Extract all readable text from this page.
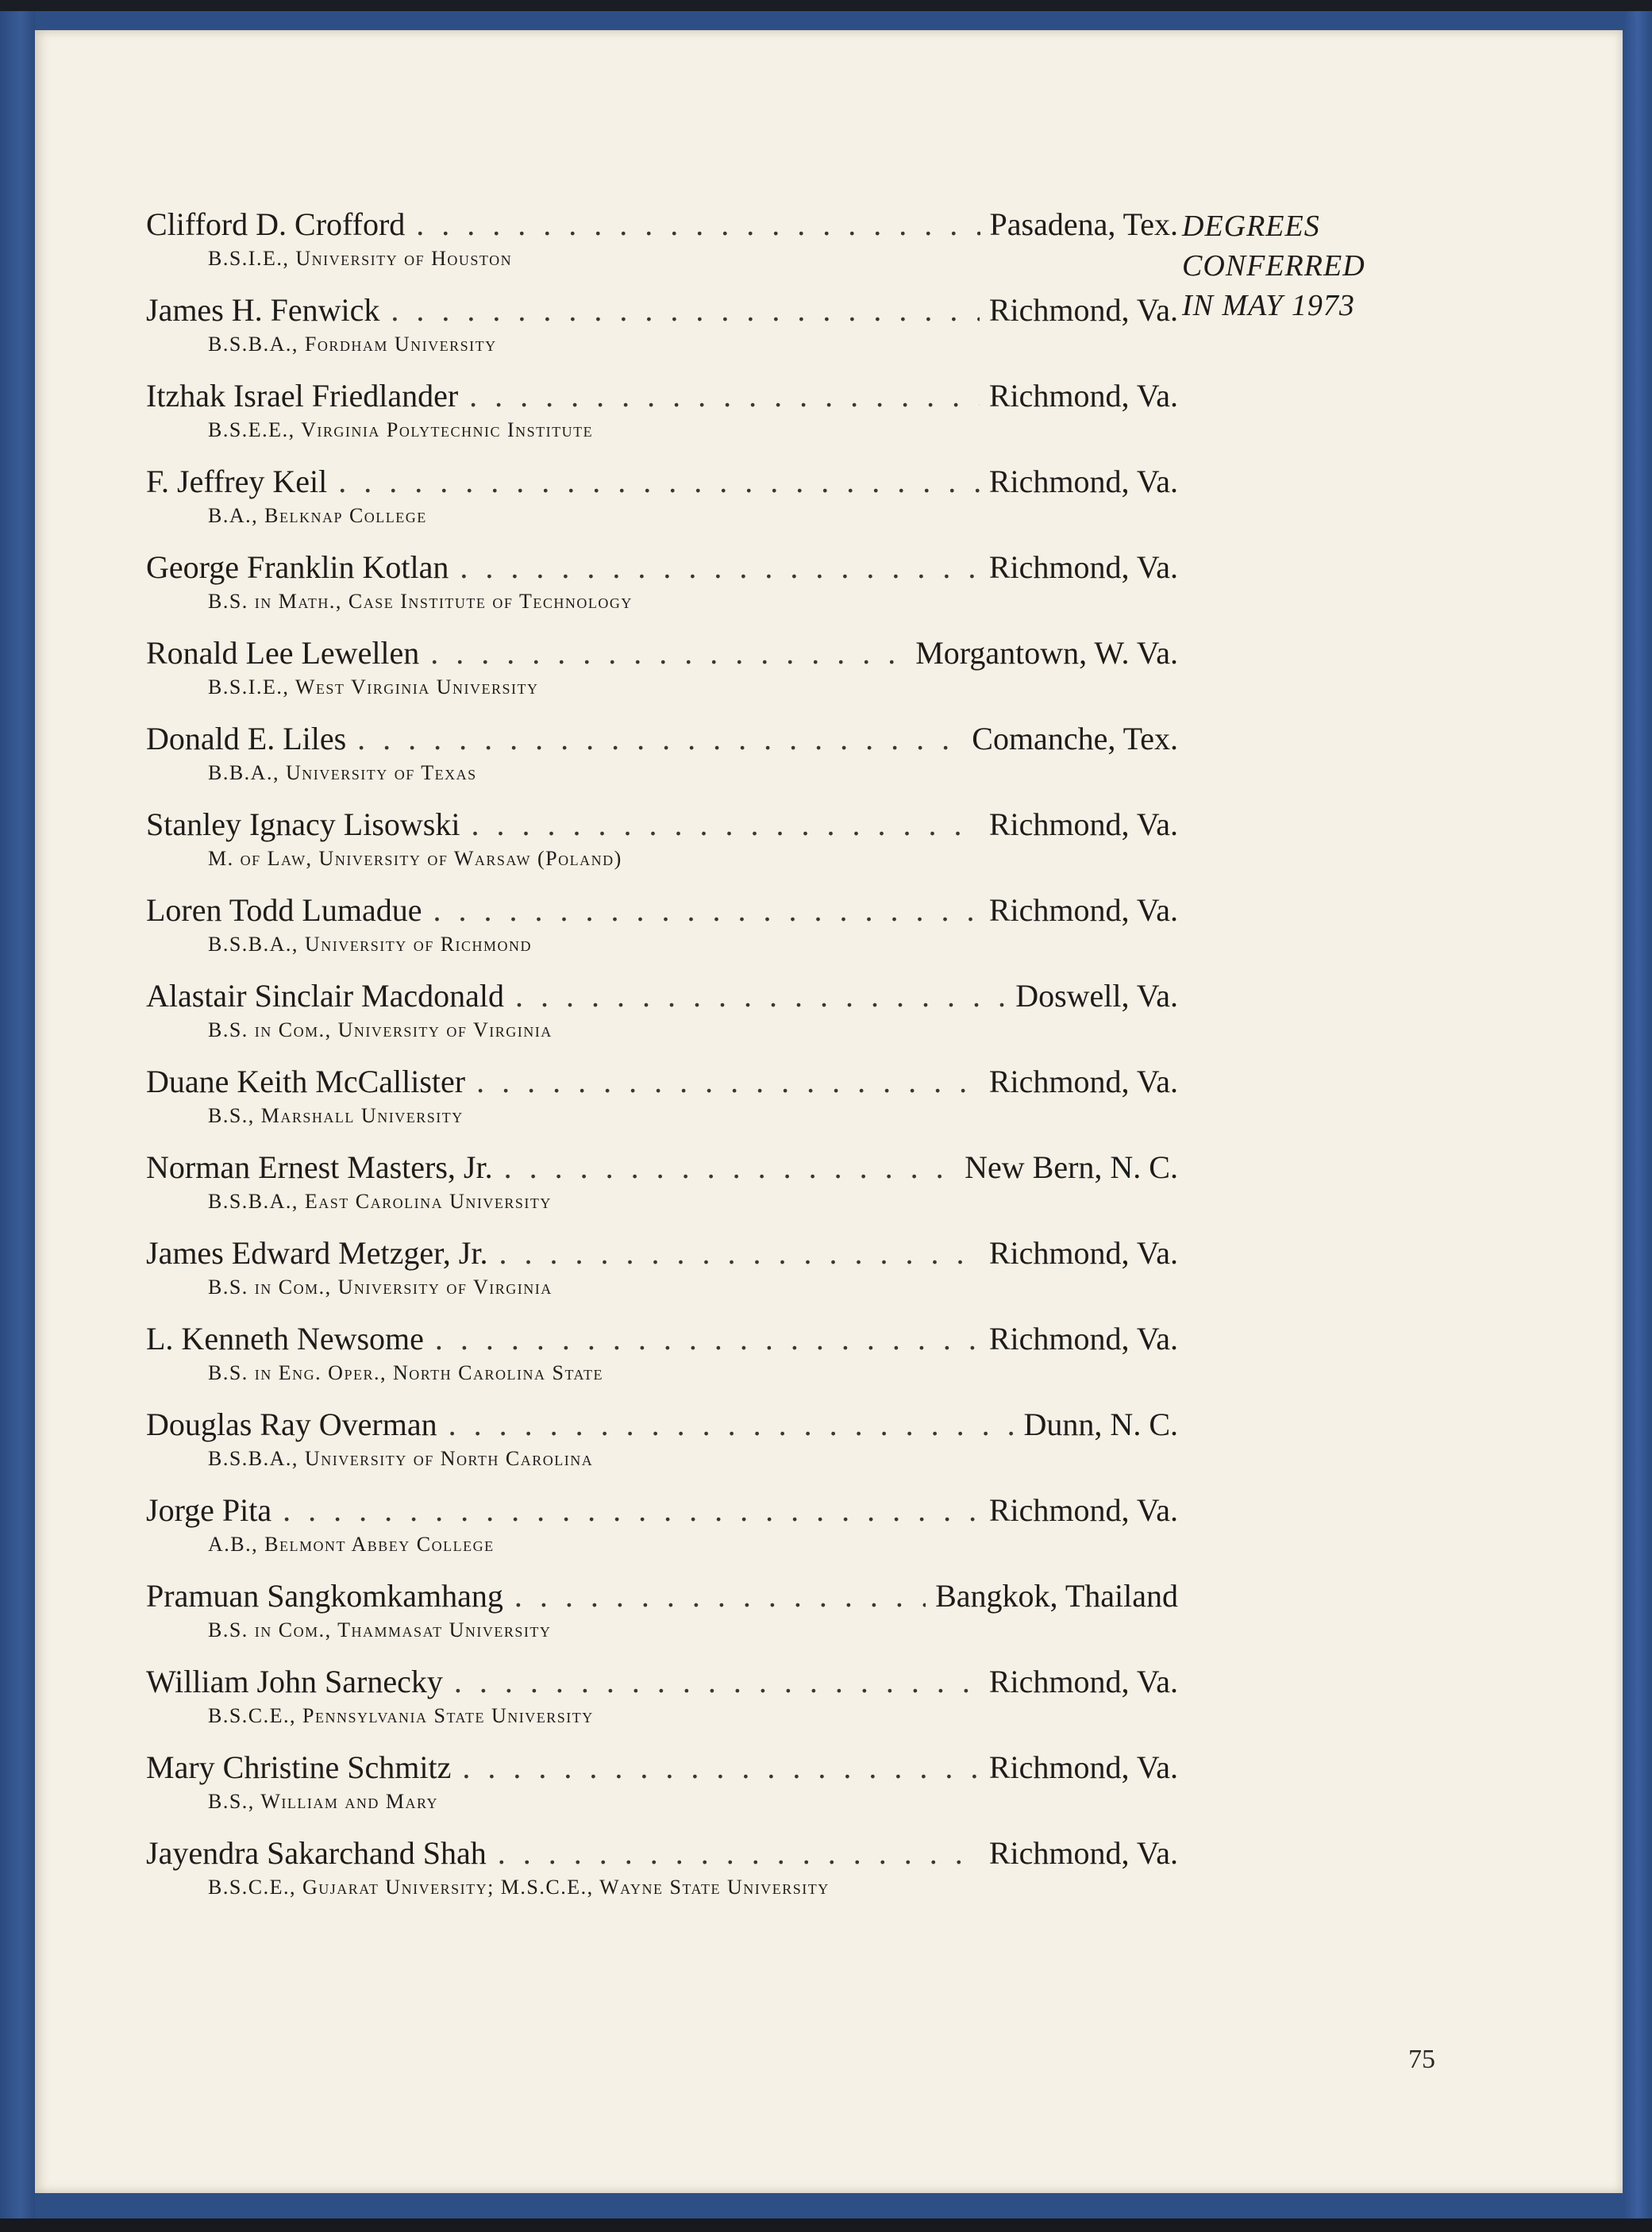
Clifford D. Crofford . . .	Pasadena, Tex.
B.S.I.E., University of Houston
James H. Fenwick . . .	Richmond, Va.
B.S.B.A., Fordham University
Itzhak Israel Friedlander . . .	Richmond, Va.
B.S.E.E., Virginia Polytechnic Institute
F. Jeffrey Keil . . .	Richmond, Va.
B.A., Belknap College
George Franklin Kotlan . . .	Richmond, Va.
B.S. in Math., Case Institute of Technology
Ronald Lee Lewellen . . .	Morgantown, W. Va.
B.S.I.E., West Virginia University
Donald E. Liles . . .	Comanche, Tex.
B.B.A., University of Texas
Stanley Ignacy Lisowski . . .	Richmond, Va.
M. of Law, University of Warsaw (Poland)
Loren Todd Lumadue . . .	Richmond, Va.
B.S.B.A., University of Richmond
Alastair Sinclair Macdonald . . .	Doswell, Va.
B.S. in Com., University of Virginia
Duane Keith McCallister . . .	Richmond, Va.
B.S., Marshall University
Norman Ernest Masters, Jr. . . .	New Bern, N. C.
B.S.B.A., East Carolina University
James Edward Metzger, Jr. . . .	Richmond, Va.
B.S. in Com., University of Virginia
L. Kenneth Newsome . . .	Richmond, Va.
B.S. in Eng. Oper., North Carolina State
Douglas Ray Overman . . .	Dunn, N. C.
B.S.B.A., University of North Carolina
Jorge Pita . . .	Richmond, Va.
A.B., Belmont Abbey College
Pramuan Sangkomkamhang . . .	Bangkok, Thailand
B.S. in Com., Thammasat University
William John Sarnecky . . .	Richmond, Va.
B.S.C.E., Pennsylvania State University
Mary Christine Schmitz . . .	Richmond, Va.
B.S., William and Mary
Jayendra Sakarchand Shah . . .	Richmond, Va.
B.S.C.E., Gujarat University; M.S.C.E., Wayne State University
DEGREES
CONFERRED
IN MAY 1973
75
